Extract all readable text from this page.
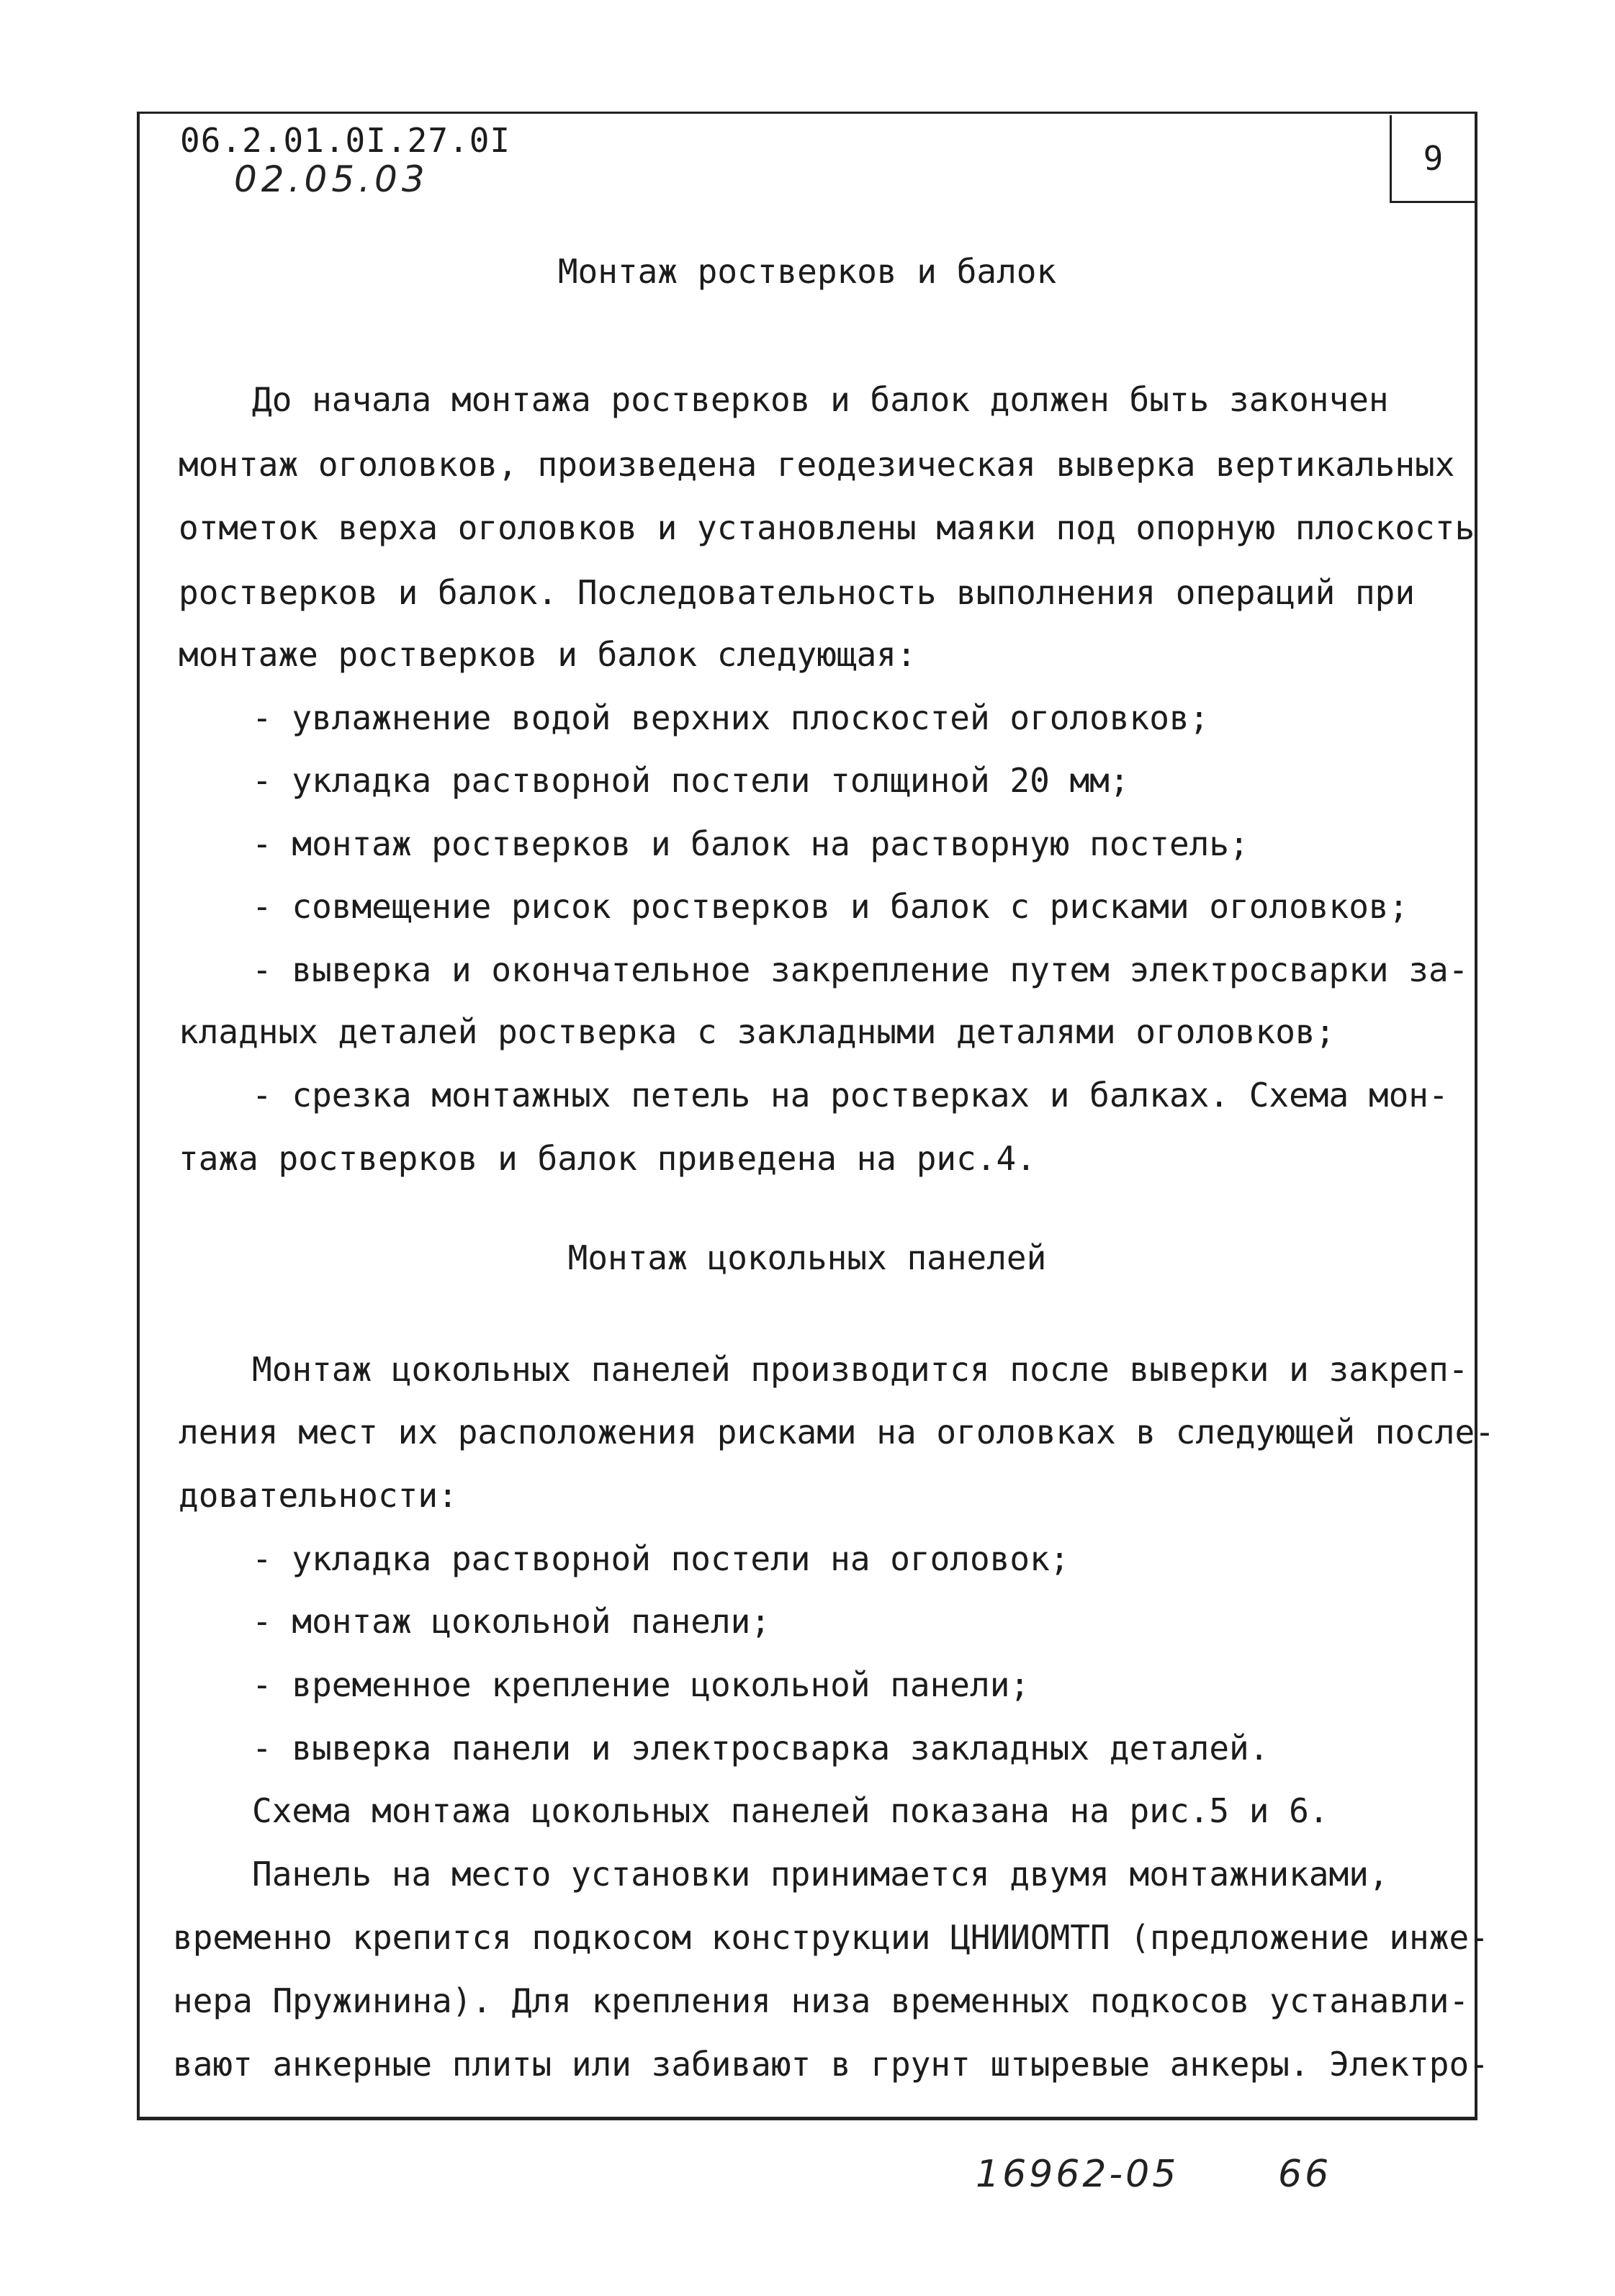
9
06.2.01.0I.27.0I
02.05.03
Монтаж ростверков и балок
До начала монтажа ростверков и балок должен быть закончен
монтаж оголовков, произведена геодезическая выверка вертикальных
отметок верха оголовков и установлены маяки под опорную плоскость
ростверков и балок. Последовательность выполнения операций при
монтаже ростверков и балок следующая:
- увлажнение водой верхних плоскостей оголовков;
- укладка растворной постели толщиной 20 мм;
- монтаж ростверков и балок на растворную постель;
- совмещение рисок ростверков и балок с рисками оголовков;
- выверка и окончательное закрепление путем электросварки за-
кладных деталей ростверка с закладными деталями оголовков;
- срезка монтажных петель на ростверках и балках. Схема мон-
тажа ростверков и балок приведена на рис.4.
Монтаж цокольных панелей
Монтаж цокольных панелей производится после выверки и закреп-
ления мест их расположения рисками на оголовках в следующей после-
довательности:
- укладка растворной постели на оголовок;
- монтаж цокольной панели;
- временное крепление цокольной панели;
- выверка панели и электросварка закладных деталей.
Схема монтажа цокольных панелей показана на рис.5 и 6.
Панель на место установки принимается двумя монтажниками,
временно крепится подкосом конструкции ЦНИИОМТП (предложение инже-
нера Пружинина). Для крепления низа временных подкосов устанавли-
вают анкерные плиты или забивают в грунт штыревые анкеры. Электро-
16962-05	66
